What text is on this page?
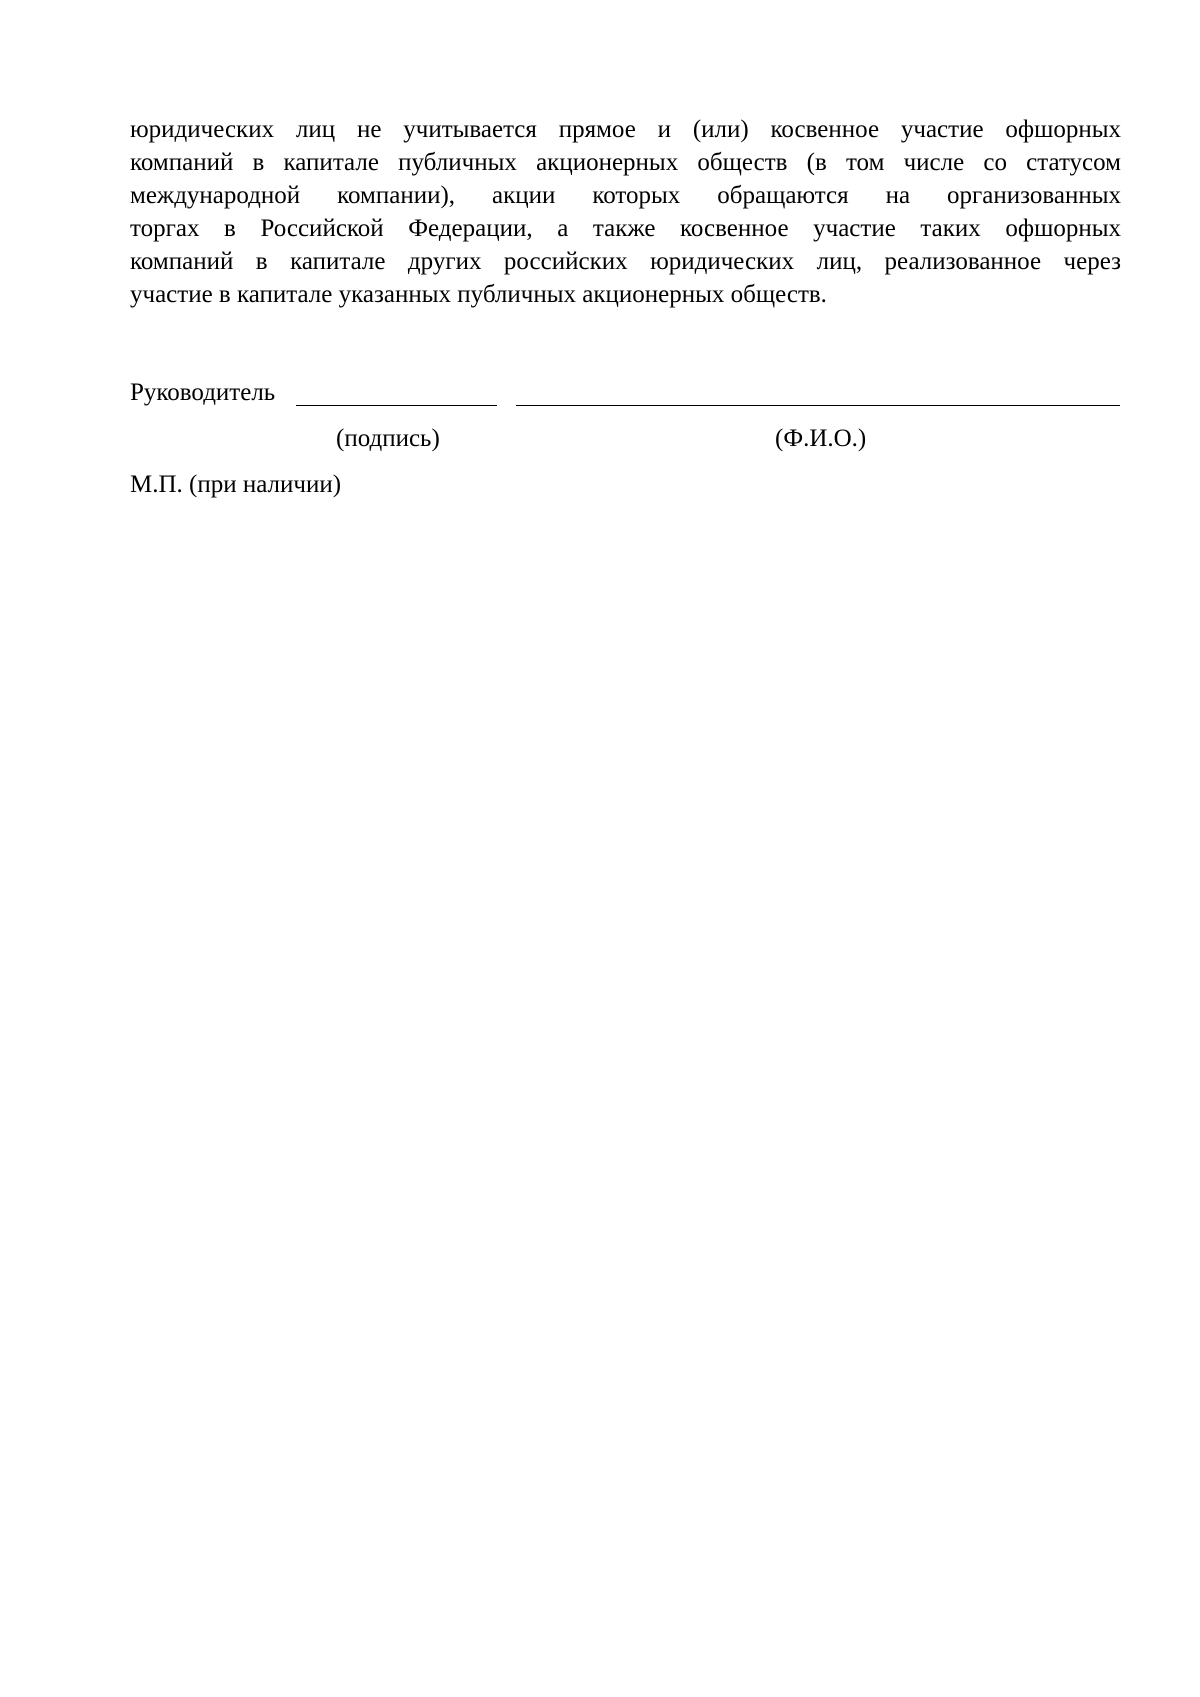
юридических лиц не учитывается прямое и (или) косвенное участие офшорных
компаний в капитале публичных акционерных обществ (в том числе со статусом
международной компании), акции которых обращаются на организованных
торгах в Российской Федерации, а также косвенное участие таких офшорных
компаний в капитале других российских юридических лиц, реализованное через
участие в капитале указанных публичных акционерных обществ.
Руководитель
(подпись)	(Ф.И.О.)
М.П. (при наличии)
